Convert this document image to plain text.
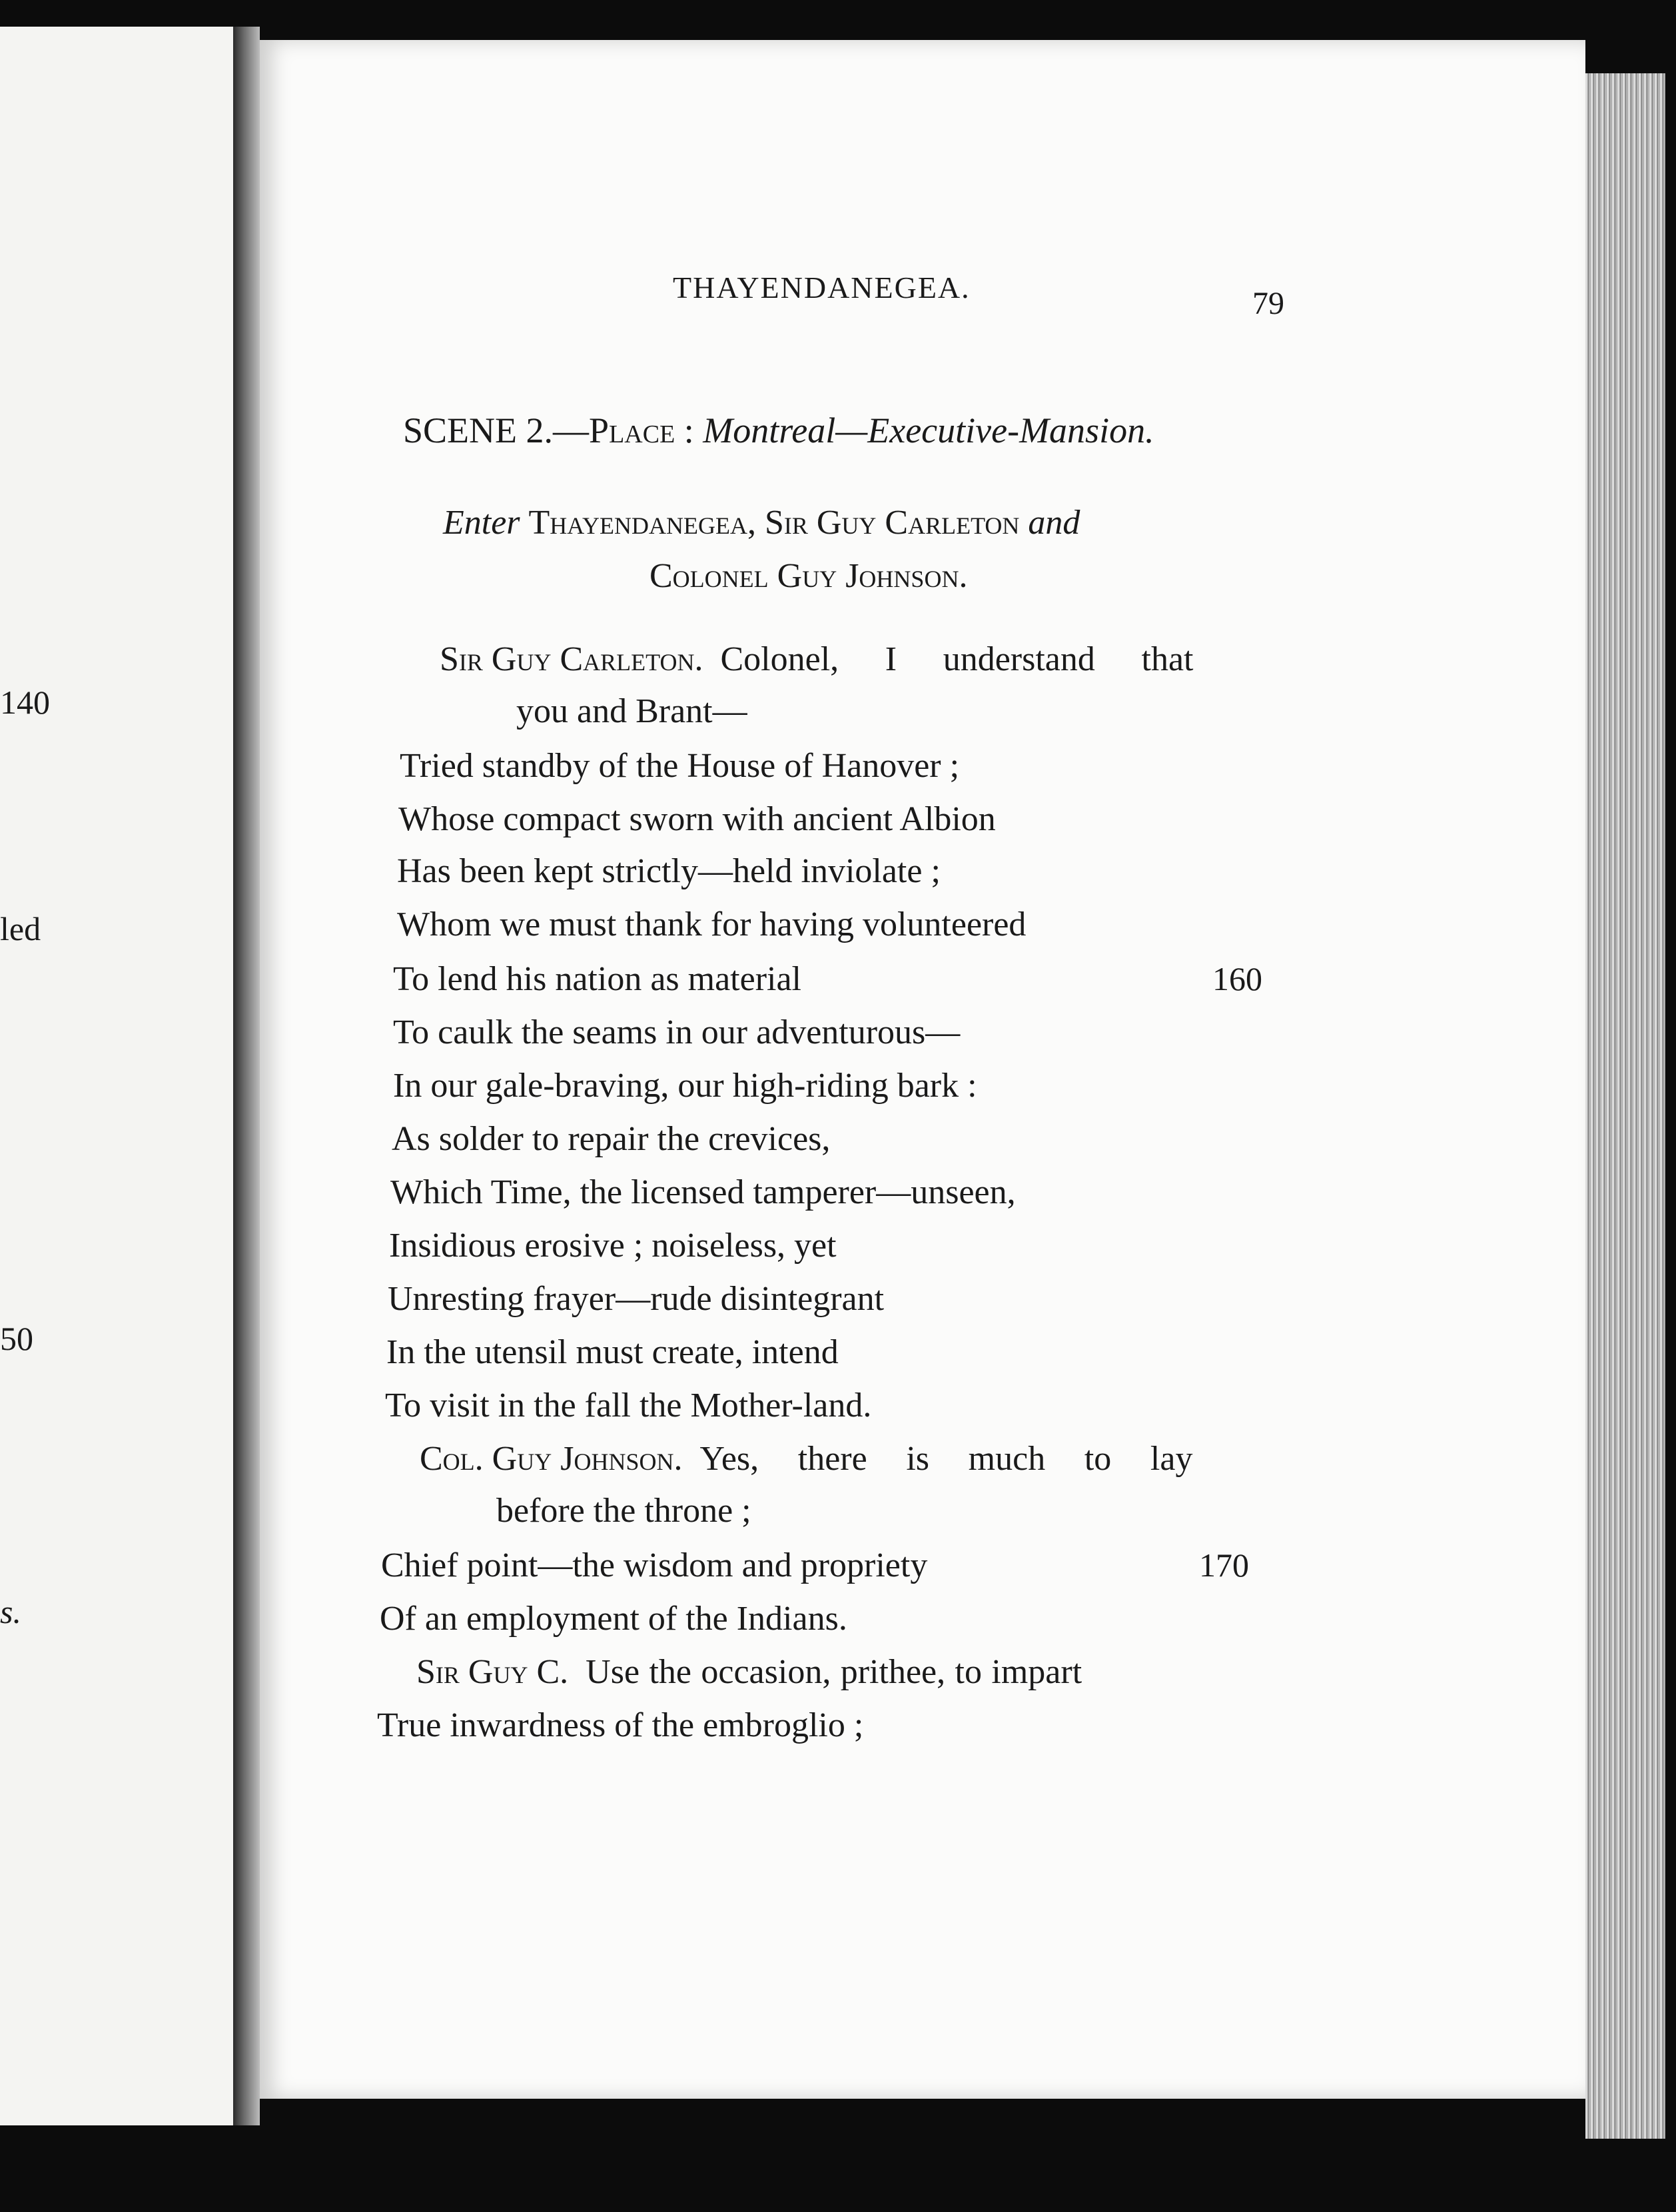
140
led
50
s.
THAYENDANEGEA.	79
SCENE 2.—Place : Montreal—Executive-Mansion.
Enter Thayendanegea, Sir Guy Carleton and
Colonel Guy Johnson.
Sir Guy Carleton. Colonel, I understand that
you and Brant—
Tried standby of the House of Hanover ;
Whose compact sworn with ancient Albion
Has been kept strictly—held inviolate ;
Whom we must thank for having volunteered
To lend his nation as material	160
To caulk the seams in our adventurous—
In our gale-braving, our high-riding bark :
As solder to repair the crevices,
Which Time, the licensed tamperer—unseen,
Insidious erosive ; noiseless, yet
Unresting frayer—rude disintegrant
In the utensil must create, intend
To visit in the fall the Mother-land.
Col. Guy Johnson. Yes, there is much to lay
before the throne ;
Chief point—the wisdom and propriety	170
Of an employment of the Indians.
Sir Guy C. Use the occasion, prithee, to impart
True inwardness of the embroglio ;
